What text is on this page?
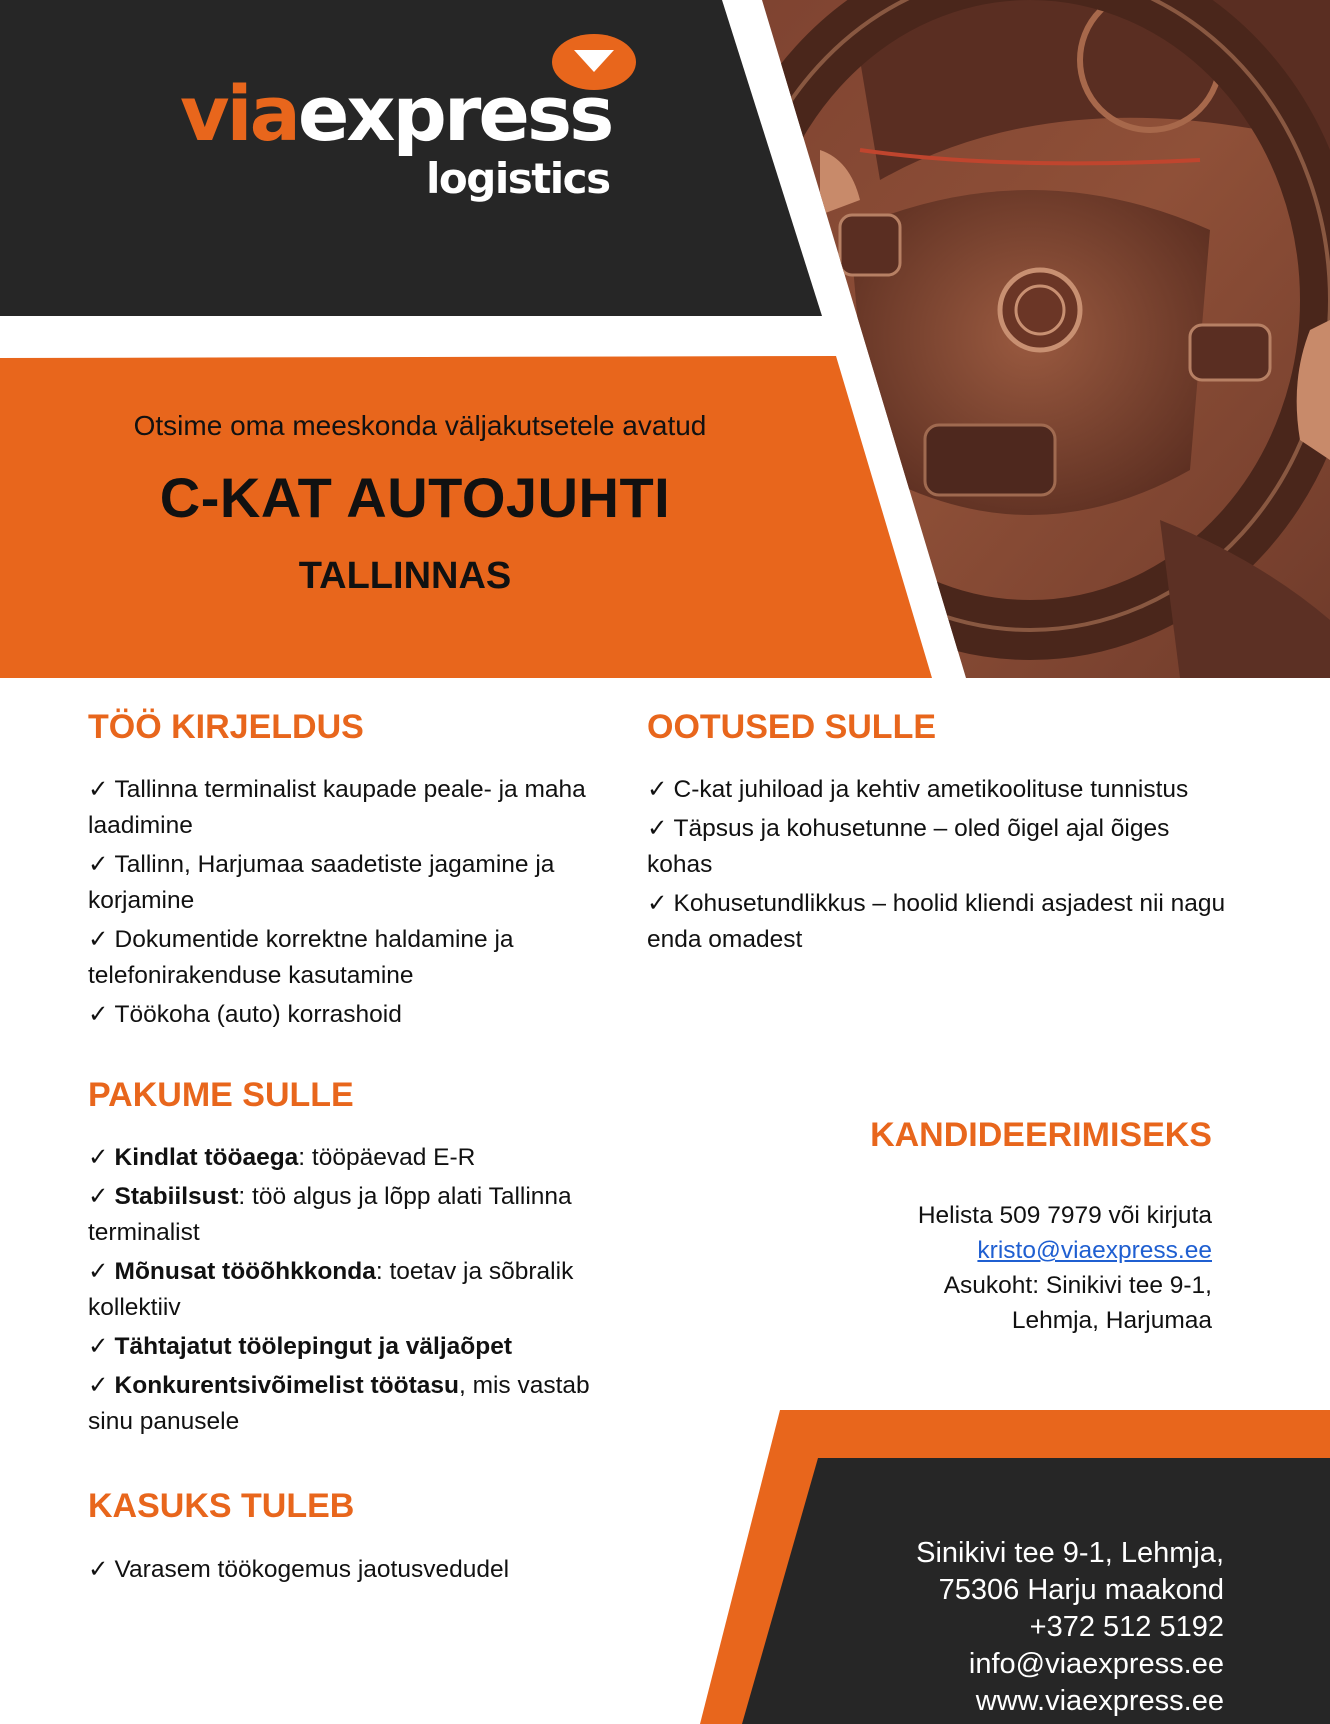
viaexpress
logistics
Otsime oma meeskonda väljakutsetele avatud
C-KAT AUTOJUHTI
TALLINNAS
TÖÖ KIRJELDUS
✓ Tallinna terminalist kaupade peale- ja maha laadimine
✓ Tallinn, Harjumaa saadetiste jagamine ja korjamine
✓ Dokumentide korrektne haldamine ja telefonirakenduse kasutamine
✓ Töökoha (auto) korrashoid
OOTUSED SULLE
✓ C-kat juhiload ja kehtiv ametikoolituse tunnistus
✓ Täpsus ja kohusetunne – oled õigel ajal õiges kohas
✓ Kohusetundlikkus – hoolid kliendi asjadest nii nagu enda omadest
PAKUME SULLE
✓ Kindlat tööaega: tööpäevad E-R
✓ Stabiilsust: töö algus ja lõpp alati Tallinna terminalist
✓ Mõnusat tööõhkkonda: toetav ja sõbralik kollektiiv
✓ Tähtajatut töölepingut ja väljaõpet
✓ Konkurentsivõimelist töötasu, mis vastab sinu panusele
KASUKS TULEB
✓ Varasem töökogemus jaotusvedudel
KANDIDEERIMISEKS
Helista 509 7979 või kirjuta
kristo@viaexpress.ee
Asukoht: Sinikivi tee 9-1,
Lehmja, Harjumaa
Sinikivi tee 9-1, Lehmja,
75306 Harju maakond
+372 512 5192
info@viaexpress.ee
www.viaexpress.ee
